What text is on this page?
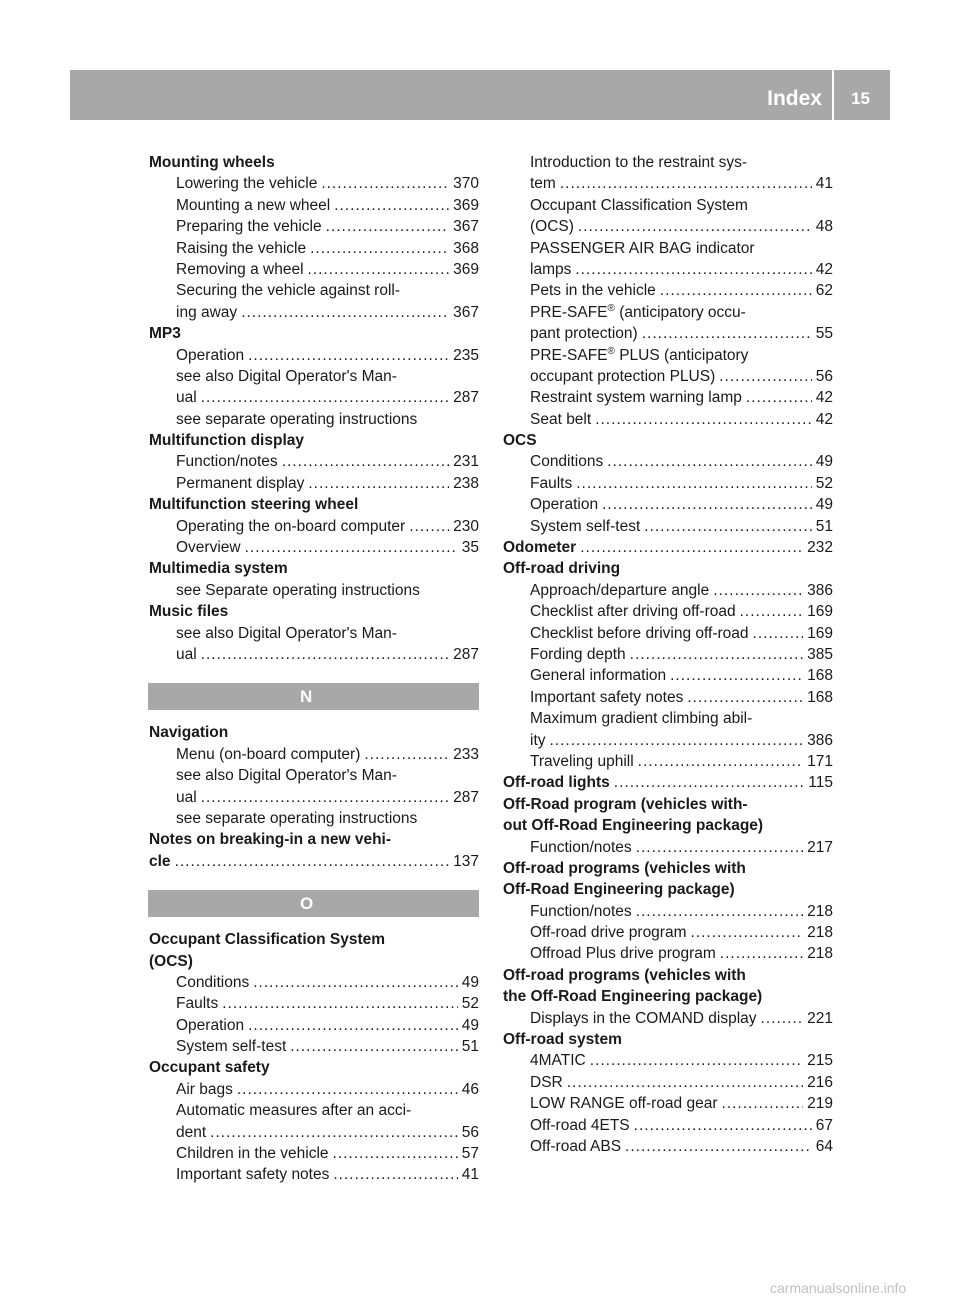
Index 15
Mounting wheels
Lowering the vehicle .....	370
Mounting a new wheel .....	369
Preparing the vehicle .....	367
Raising the vehicle .....	368
Removing a wheel .....	369
Securing the vehicle against roll-
ing away .....	367
MP3
Operation .....	235
see also Digital Operator's Man-
ual .....	287
see separate operating instructions
Multifunction display
Function/notes .....	231
Permanent display .....	238
Multifunction steering wheel
Operating the on-board computer .....	230
Overview .....	35
Multimedia system
see Separate operating instructions
Music files
see also Digital Operator's Man-
ual .....	287
N
Navigation
Menu (on-board computer) .....	233
see also Digital Operator's Man-
ual .....	287
see separate operating instructions
Notes on breaking-in a new vehi-
cle .....	137
O
Occupant Classification System
(OCS)
Conditions .....	49
Faults .....	52
Operation .....	49
System self-test .....	51
Occupant safety
Air bags .....	46
Automatic measures after an acci-
dent .....	56
Children in the vehicle .....	57
Important safety notes .....	41
Introduction to the restraint sys-
tem .....	41
Occupant Classification System
(OCS) .....	48
PASSENGER AIR BAG indicator
lamps .....	42
Pets in the vehicle .....	62
PRE-SAFE® (anticipatory occu-
pant protection) .....	55
PRE-SAFE® PLUS (anticipatory
occupant protection PLUS) .....	56
Restraint system warning lamp .....	42
Seat belt .....	42
OCS
Conditions .....	49
Faults .....	52
Operation .....	49
System self-test .....	51
Odometer .....	232
Off-road driving
Approach/departure angle .....	386
Checklist after driving off-road .....	169
Checklist before driving off-road .....	169
Fording depth .....	385
General information .....	168
Important safety notes .....	168
Maximum gradient climbing abil-
ity .....	386
Traveling uphill .....	171
Off-road lights .....	115
Off-Road program (vehicles with-
out Off-Road Engineering package)
Function/notes .....	217
Off-road programs (vehicles with
Off-Road Engineering package)
Function/notes .....	218
Off-road drive program .....	218
Offroad Plus drive program .....	218
Off-road programs (vehicles with
the Off-Road Engineering package)
Displays in the COMAND display .....	221
Off-road system
4MATIC .....	215
DSR .....	216
LOW RANGE off-road gear .....	219
Off-road 4ETS .....	67
Off-road ABS .....	64
carmanualsonline.info
